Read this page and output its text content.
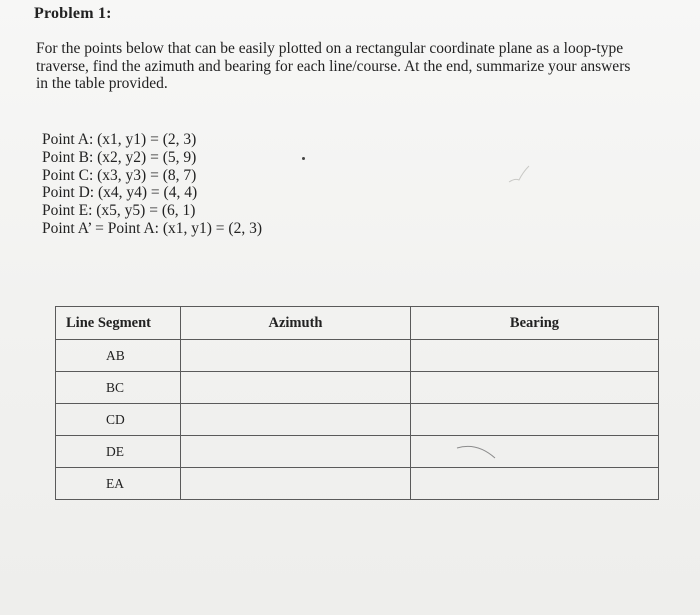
Problem 1:
For the points below that can be easily plotted on a rectangular coordinate plane as a loop-type
traverse, find the azimuth and bearing for each line/course. At the end, summarize your answers
in the table provided.
Point A: (x1, y1) = (2, 3)
Point B: (x2, y2) = (5, 9)
Point C: (x3, y3) = (8, 7)
Point D: (x4, y4) = (4, 4)
Point E: (x5, y5) = (6, 1)
Point A’ = Point A: (x1, y1) = (2, 3)
Line Segment	Azimuth	Bearing
AB		
BC		
CD		
DE		
EA		
